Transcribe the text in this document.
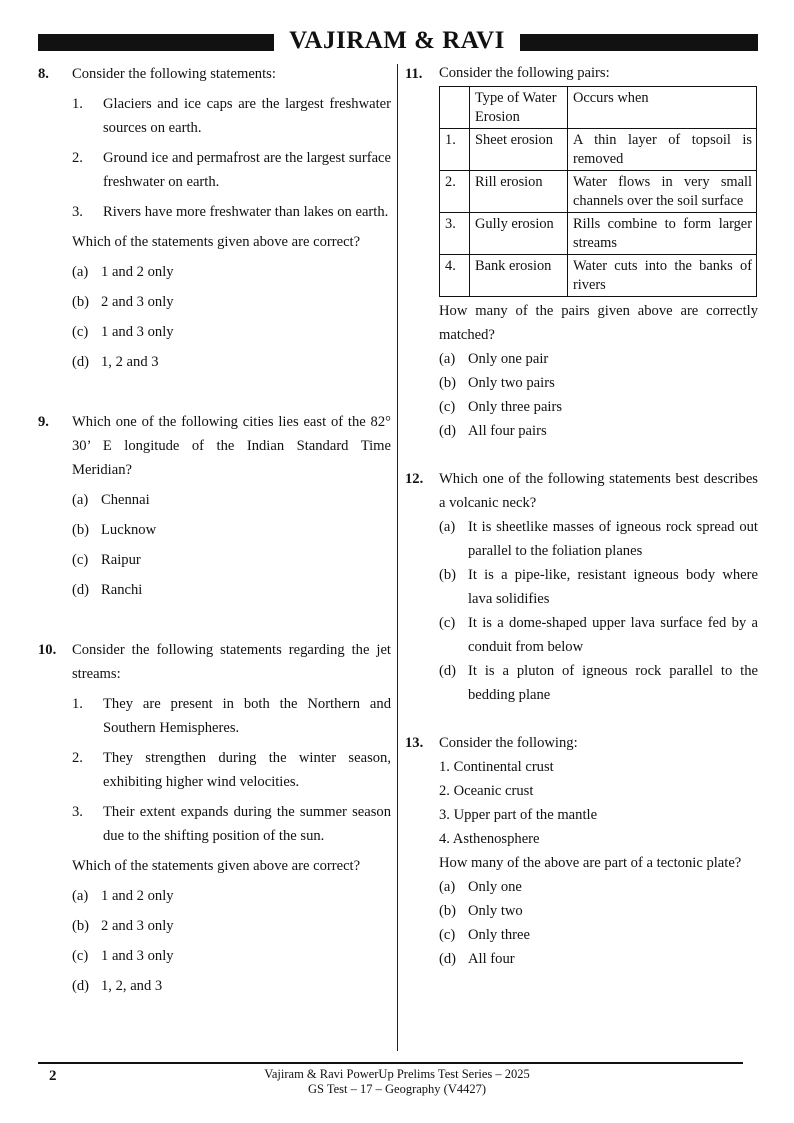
VAJIRAM & RAVI
8. Consider the following statements:
1. Glaciers and ice caps are the largest freshwater sources on earth.
2. Ground ice and permafrost are the largest surface freshwater on earth.
3. Rivers have more freshwater than lakes on earth.
Which of the statements given above are correct?
(a) 1 and 2 only
(b) 2 and 3 only
(c) 1 and 3 only
(d) 1, 2 and 3
9. Which one of the following cities lies east of the 82° 30’ E longitude of the Indian Standard Time Meridian?
(a) Chennai
(b) Lucknow
(c) Raipur
(d) Ranchi
10. Consider the following statements regarding the jet streams:
1. They are present in both the Northern and Southern Hemispheres.
2. They strengthen during the winter season, exhibiting higher wind velocities.
3. Their extent expands during the summer season due to the shifting position of the sun.
Which of the statements given above are correct?
(a) 1 and 2 only
(b) 2 and 3 only
(c) 1 and 3 only
(d) 1, 2, and 3
11. Consider the following pairs:
	Type of Water Erosion	Occurs when
1.	Sheet erosion	A thin layer of topsoil is removed
2.	Rill erosion	Water flows in very small channels over the soil surface
3.	Gully erosion	Rills combine to form larger streams
4.	Bank erosion	Water cuts into the banks of rivers
How many of the pairs given above are correctly matched?
(a) Only one pair
(b) Only two pairs
(c) Only three pairs
(d) All four pairs
12. Which one of the following statements best describes a volcanic neck?
(a) It is sheetlike masses of igneous rock spread out parallel to the foliation planes
(b) It is a pipe-like, resistant igneous body where lava solidifies
(c) It is a dome-shaped upper lava surface fed by a conduit from below
(d) It is a pluton of igneous rock parallel to the bedding plane
13. Consider the following:
1. Continental crust
2. Oceanic crust
3. Upper part of the mantle
4. Asthenosphere
How many of the above are part of a tectonic plate?
(a) Only one
(b) Only two
(c) Only three
(d) All four
2	Vajiram & Ravi PowerUp Prelims Test Series – 2025
GS Test – 17 – Geography (V4427)
